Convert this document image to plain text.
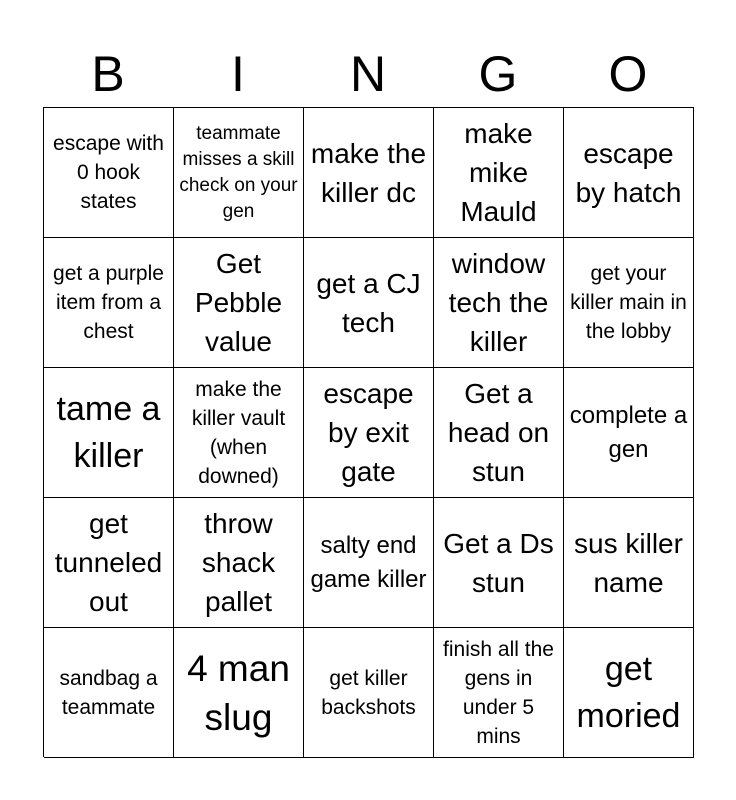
B	I	N	G	O
escape with 0 hook states
teammate misses a skill check on your gen
make the killer dc
make mike Mauld
escape by hatch
get a purple item from a chest
Get Pebble value
get a CJ tech
window tech the killer
get your killer main in the lobby
tame a killer
make the killer vault (when downed)
escape by exit gate
Get a head on stun
complete a gen
get tunneled out
throw shack pallet
salty end game killer
Get a Ds stun
sus killer name
sandbag a teammate
4 man slug
get killer backshots
finish all the gens in under 5 mins
get moried
